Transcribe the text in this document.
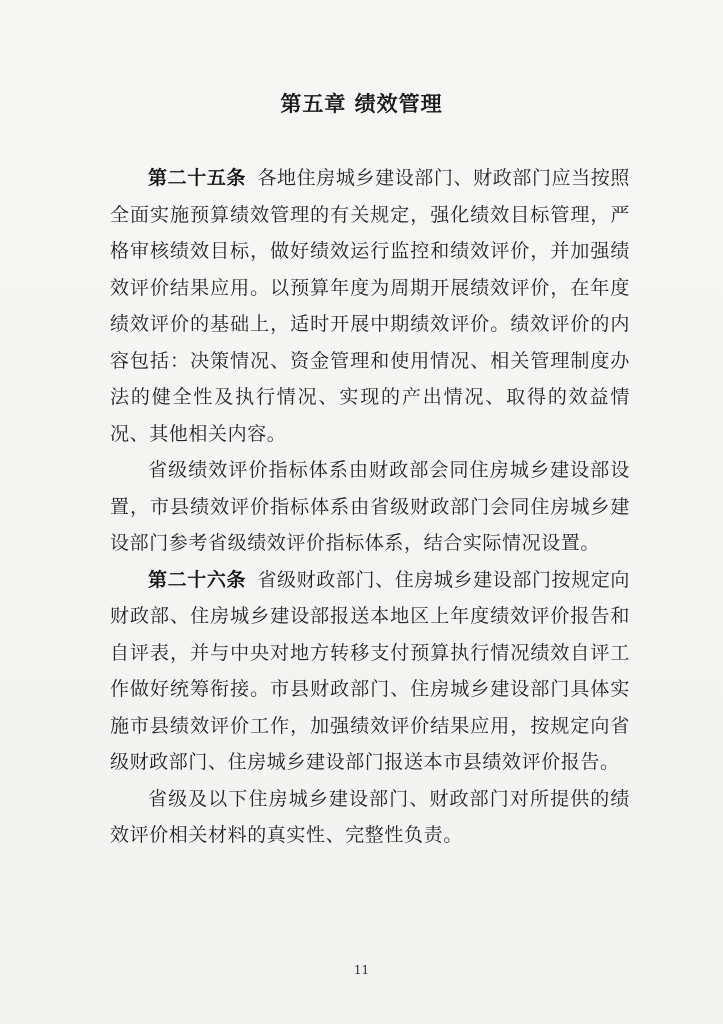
第五章 绩效管理

第二十五条 各地住房城乡建设部门、财政部门应当按照全面实施预算绩效管理的有关规定，强化绩效目标管理，严格审核绩效目标，做好绩效运行监控和绩效评价，并加强绩效评价结果应用。以预算年度为周期开展绩效评价，在年度绩效评价的基础上，适时开展中期绩效评价。绩效评价的内容包括：决策情况、资金管理和使用情况、相关管理制度办法的健全性及执行情况、实现的产出情况、取得的效益情况、其他相关内容。

省级绩效评价指标体系由财政部会同住房城乡建设部设置，市县绩效评价指标体系由省级财政部门会同住房城乡建设部门参考省级绩效评价指标体系，结合实际情况设置。

第二十六条 省级财政部门、住房城乡建设部门按规定向财政部、住房城乡建设部报送本地区上年度绩效评价报告和自评表，并与中央对地方转移支付预算执行情况绩效自评工作做好统筹衔接。市县财政部门、住房城乡建设部门具体实施市县绩效评价工作，加强绩效评价结果应用，按规定向省级财政部门、住房城乡建设部门报送本市县绩效评价报告。

省级及以下住房城乡建设部门、财政部门对所提供的绩效评价相关材料的真实性、完整性负责。

11
